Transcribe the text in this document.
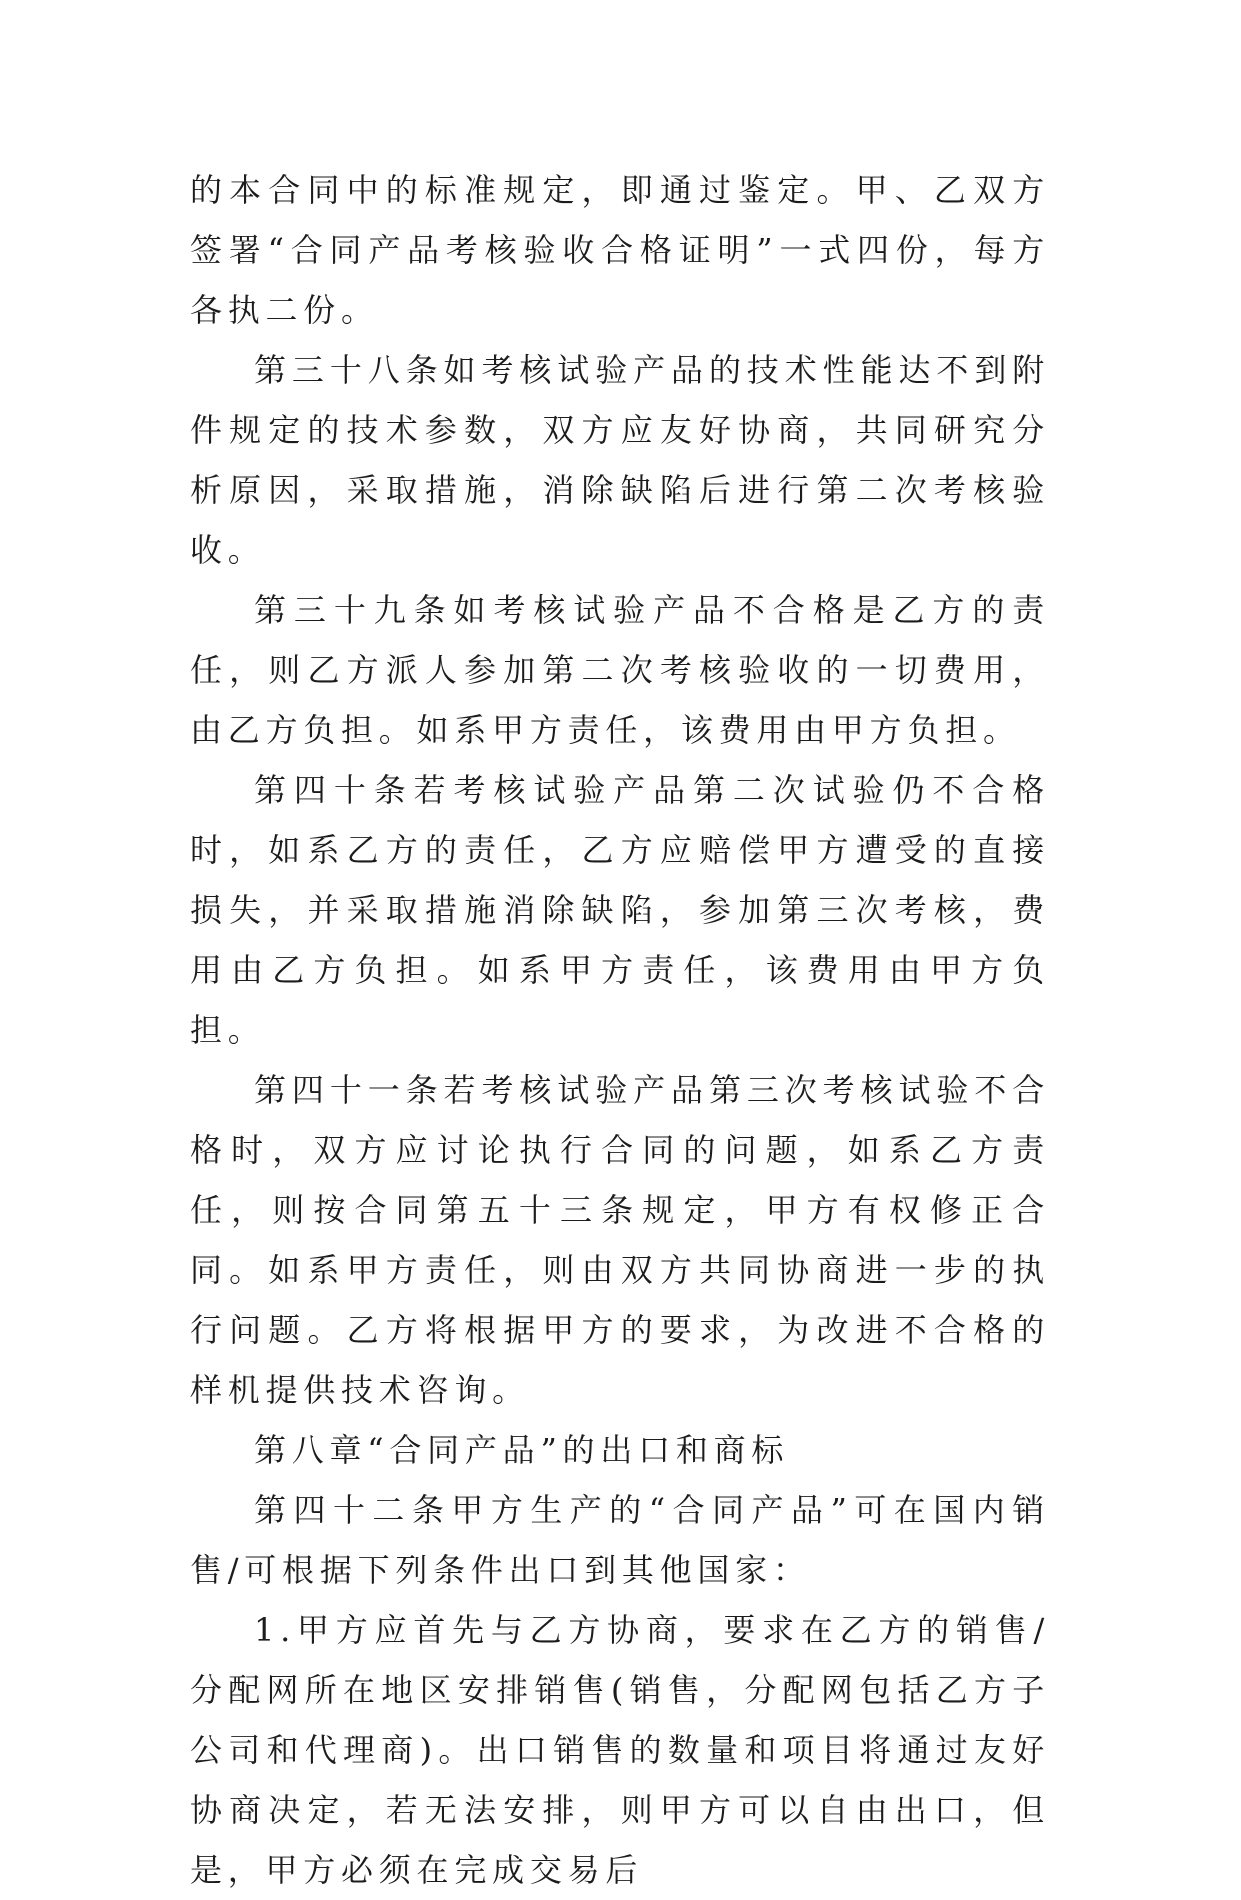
的本合同中的标准规定，即通过鉴定。甲、乙双方签署“合同产品考核验收合格证明”一式四份，每方各执二份。

第三十八条如考核试验产品的技术性能达不到附件规定的技术参数，双方应友好协商，共同研究分析原因，采取措施，消除缺陷后进行第二次考核验收。

第三十九条如考核试验产品不合格是乙方的责任，则乙方派人参加第二次考核验收的一切费用，由乙方负担。如系甲方责任，该费用由甲方负担。

第四十条若考核试验产品第二次试验仍不合格时，如系乙方的责任，乙方应赔偿甲方遭受的直接损失，并采取措施消除缺陷，参加第三次考核，费用由乙方负担。如系甲方责任，该费用由甲方负担。

第四十一条若考核试验产品第三次考核试验不合格时，双方应讨论执行合同的问题，如系乙方责任，则按合同第五十三条规定，甲方有权修正合同。如系甲方责任，则由双方共同协商进一步的执行问题。乙方将根据甲方的要求，为改进不合格的样机提供技术咨询。

第八章“合同产品”的出口和商标

第四十二条甲方生产的“合同产品”可在国内销售/可根据下列条件出口到其他国家：

1.甲方应首先与乙方协商，要求在乙方的销售/分配网所在地区安排销售(销售，分配网包括乙方子公司和代理商)。出口销售的数量和项目将通过友好协商决定，若无法安排，则甲方可以自由出口，但是，甲方必须在完成交易后
